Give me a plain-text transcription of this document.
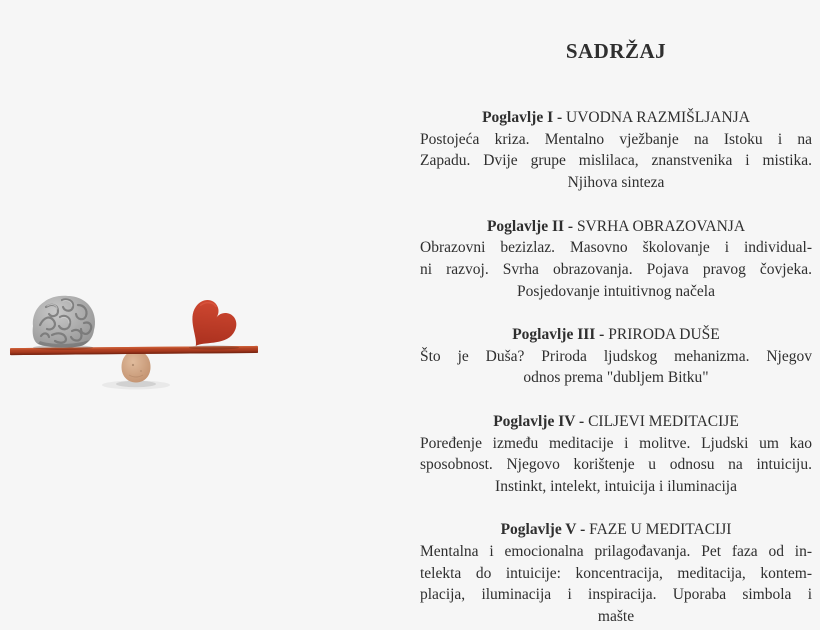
SADRŽAJ
Poglavlje I - UVODNA RAZMIŠLJANJA
Postojeća kriza. Mentalno vježbanje na Istoku i na
Zapadu. Dvije grupe mislilaca, znanstvenika i mistika.
Njihova sinteza
Poglavlje II - SVRHA OBRAZOVANJA
Obrazovni bezizlaz. Masovno školovanje i individual-
ni razvoj. Svrha obrazovanja. Pojava pravog čovjeka.
Posjedovanje intuitivnog načela
Poglavlje III - PRIRODA DUŠE
Što je Duša? Priroda ljudskog mehanizma. Njegov
odnos prema "dubljem Bitku"
Poglavlje IV - CILJEVI MEDITACIJE
Poređenje između meditacije i molitve. Ljudski um kao
sposobnost. Njegovo korištenje u odnosu na intuiciju.
Instinkt, intelekt, intuicija i iluminacija
Poglavlje V - FAZE U MEDITACIJI
Mentalna i emocionalna prilagođavanja. Pet faza od in-
telekta do intuicije: koncentracija, meditacija, kontem-
placija, iluminacija i inspiracija. Uporaba simbola i
mašte
